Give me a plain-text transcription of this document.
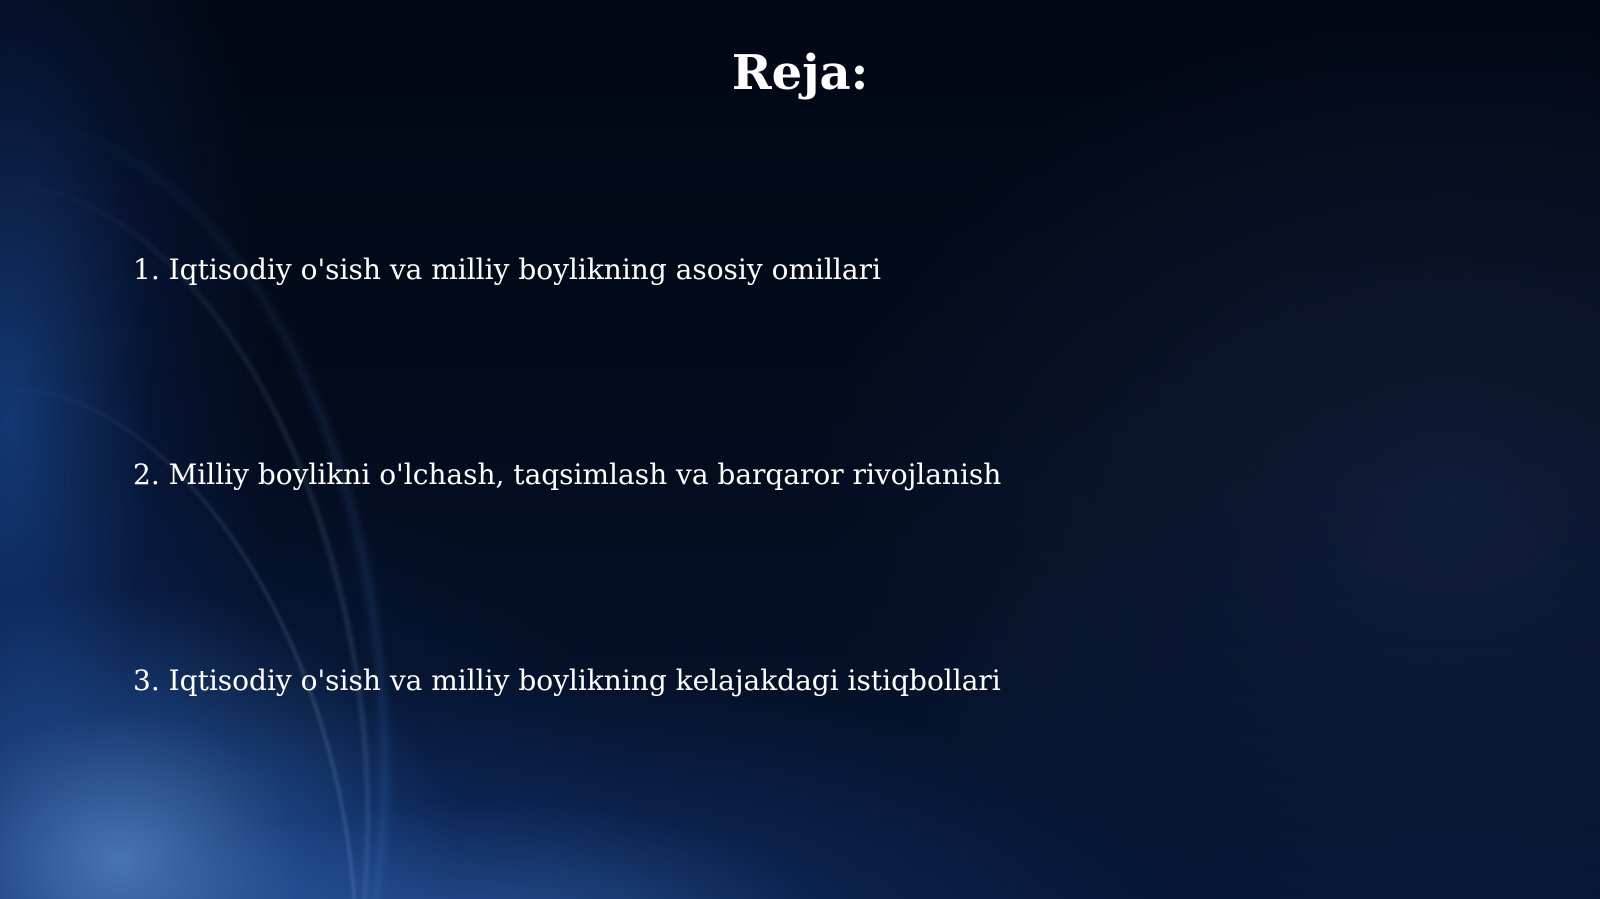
Reja:
1. Iqtisodiy o'sish va milliy boylikning asosiy omillari
2. Milliy boylikni o'lchash, taqsimlash va barqaror rivojlanish
3. Iqtisodiy o'sish va milliy boylikning kelajakdagi istiqbollari
